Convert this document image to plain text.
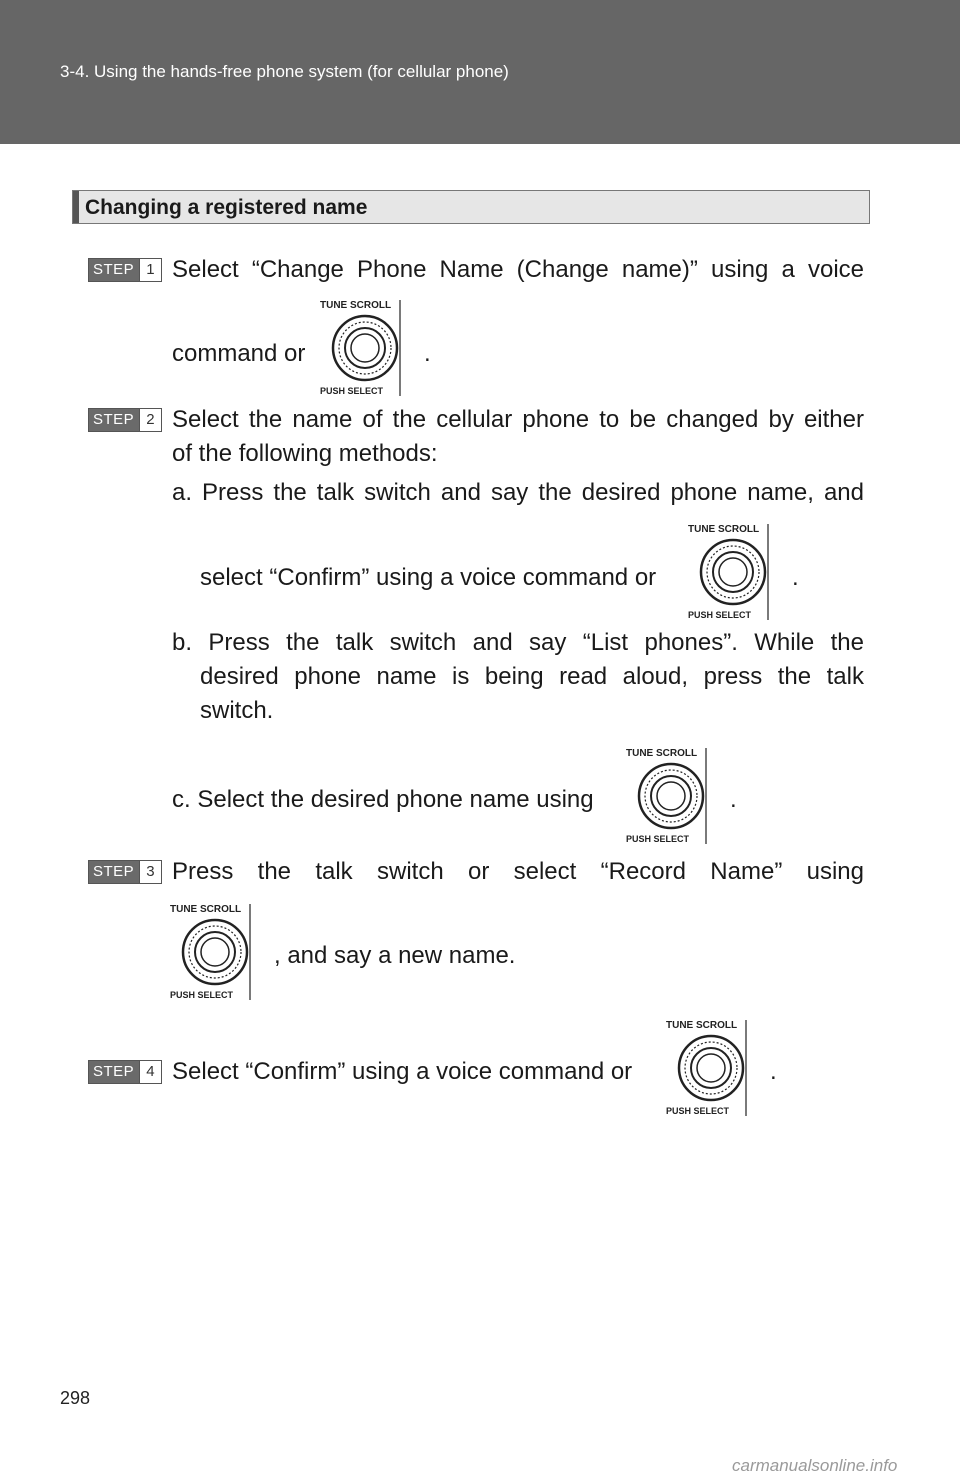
3-4. Using the hands-free phone system (for cellular phone)
Changing a registered name
STEP 1 Select “Change Phone Name (Change name)” using a voice
command or
TUNE SCROLL
PUSH SELECT
.
STEP 2 Select the name of the cellular phone to be changed by either
of the following methods:
a. Press the talk switch and say the desired phone name, and
select “Confirm” using a voice command or
TUNE SCROLL
PUSH SELECT
.
b. Press the talk switch and say “List phones”. While the
desired phone name is being read aloud, press the talk
switch.
c. Select the desired phone name using
TUNE SCROLL
PUSH SELECT
.
STEP 3 Press the talk switch or select “Record Name” using
TUNE SCROLL
PUSH SELECT
, and say a new name.
STEP 4 Select “Confirm” using a voice command or
TUNE SCROLL
PUSH SELECT
.
298
carmanualsonline.info
